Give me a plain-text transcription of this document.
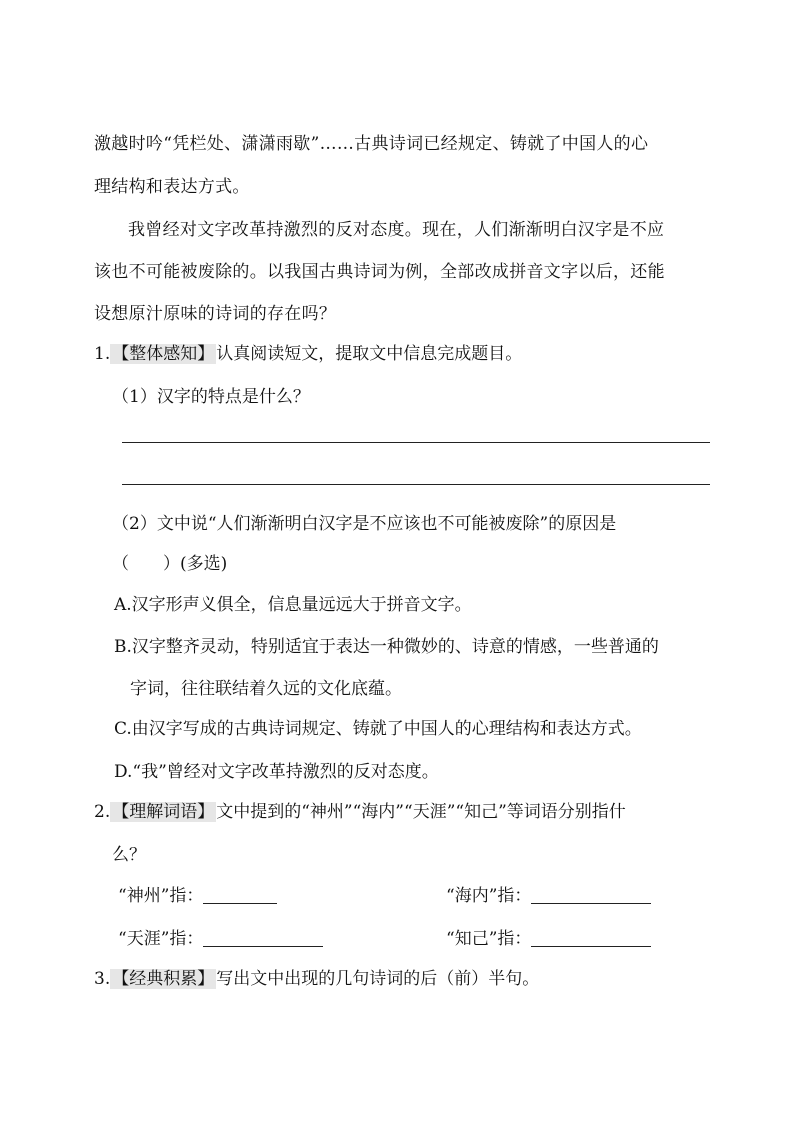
激越时吟“凭栏处、潇潇雨歇”……古典诗词已经规定、铸就了中国人的心
理结构和表达方式。
我曾经对文字改革持激烈的反对态度。现在，人们渐渐明白汉字是不应
该也不可能被废除的。以我国古典诗词为例，全部改成拼音文字以后，还能
设想原汁原味的诗词的存在吗？
1. 【整体感知】 认真阅读短文，提取文中信息完成题目。
（1）汉字的特点是什么？
（2）文中说“人们渐渐明白汉字是不应该也不可能被废除”的原因是
（　　）(多选)
A.汉字形声义俱全，信息量远远大于拼音文字。
B.汉字整齐灵动，特别适宜于表达一种微妙的、诗意的情感，一些普通的
字词，往往联结着久远的文化底蕴。
C.由汉字写成的古典诗词规定、铸就了中国人的心理结构和表达方式。
D.“我”曾经对文字改革持激烈的反对态度。
2. 【理解词语】 文中提到的“神州”“海内”“天涯”“知己”等词语分别指什
么？
“神州”指：	“海内”指：
“天涯”指：	“知己”指：
3. 【经典积累】 写出文中出现的几句诗词的后（前）半句。
